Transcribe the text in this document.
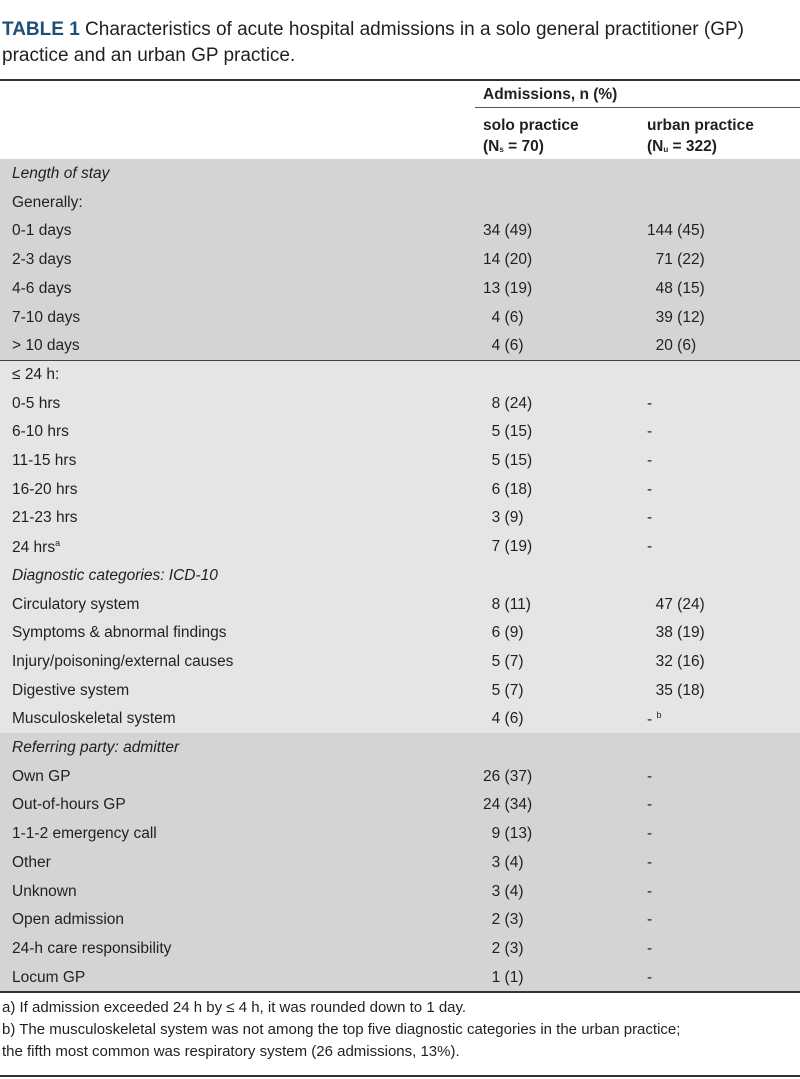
TABLE 1 Characteristics of acute hospital admissions in a solo general practitioner (GP) practice and an urban GP practice.
Admissions, n (%)
solo practice
$(N_s = 70)$
urban practice
$(N_u = 322)$
Length of stay
Generally:
0-1 days	34 (49)	144 (45)
2-3 days	14 (20)	71 (22)
4-6 days	13 (19)	48 (15)
7-10 days	4 (6)	39 (12)
> 10 days	4 (6)	20 (6)
≤ 24 h:
0-5 hrs	8 (24)	-
6-10 hrs	5 (15)	-
11-15 hrs	5 (15)	-
16-20 hrs	6 (18)	-
21-23 hrs	3 (9)	-
24 hrs$^a$	7 (19)	-
Diagnostic categories: ICD-10
Circulatory system	8 (11)	47 (24)
Symptoms & abnormal findings	6 (9)	38 (19)
Injury/poisoning/external causes	5 (7)	32 (16)
Digestive system	5 (7)	35 (18)
Musculoskeletal system	4 (6)	- $^b$
Referring party: admitter
Own GP	26 (37)	-
Out-of-hours GP	24 (34)	-
1-1-2 emergency call	9 (13)	-
Other	3 (4)	-
Unknown	3 (4)	-
Open admission	2 (3)	-
24-h care responsibility	2 (3)	-
Locum GP	1 (1)	-
a) If admission exceeded 24 h by ≤ 4 h, it was rounded down to 1 day.
b) The musculoskeletal system was not among the top five diagnostic categories in the urban practice;
the fifth most common was respiratory system (26 admissions, 13%).
